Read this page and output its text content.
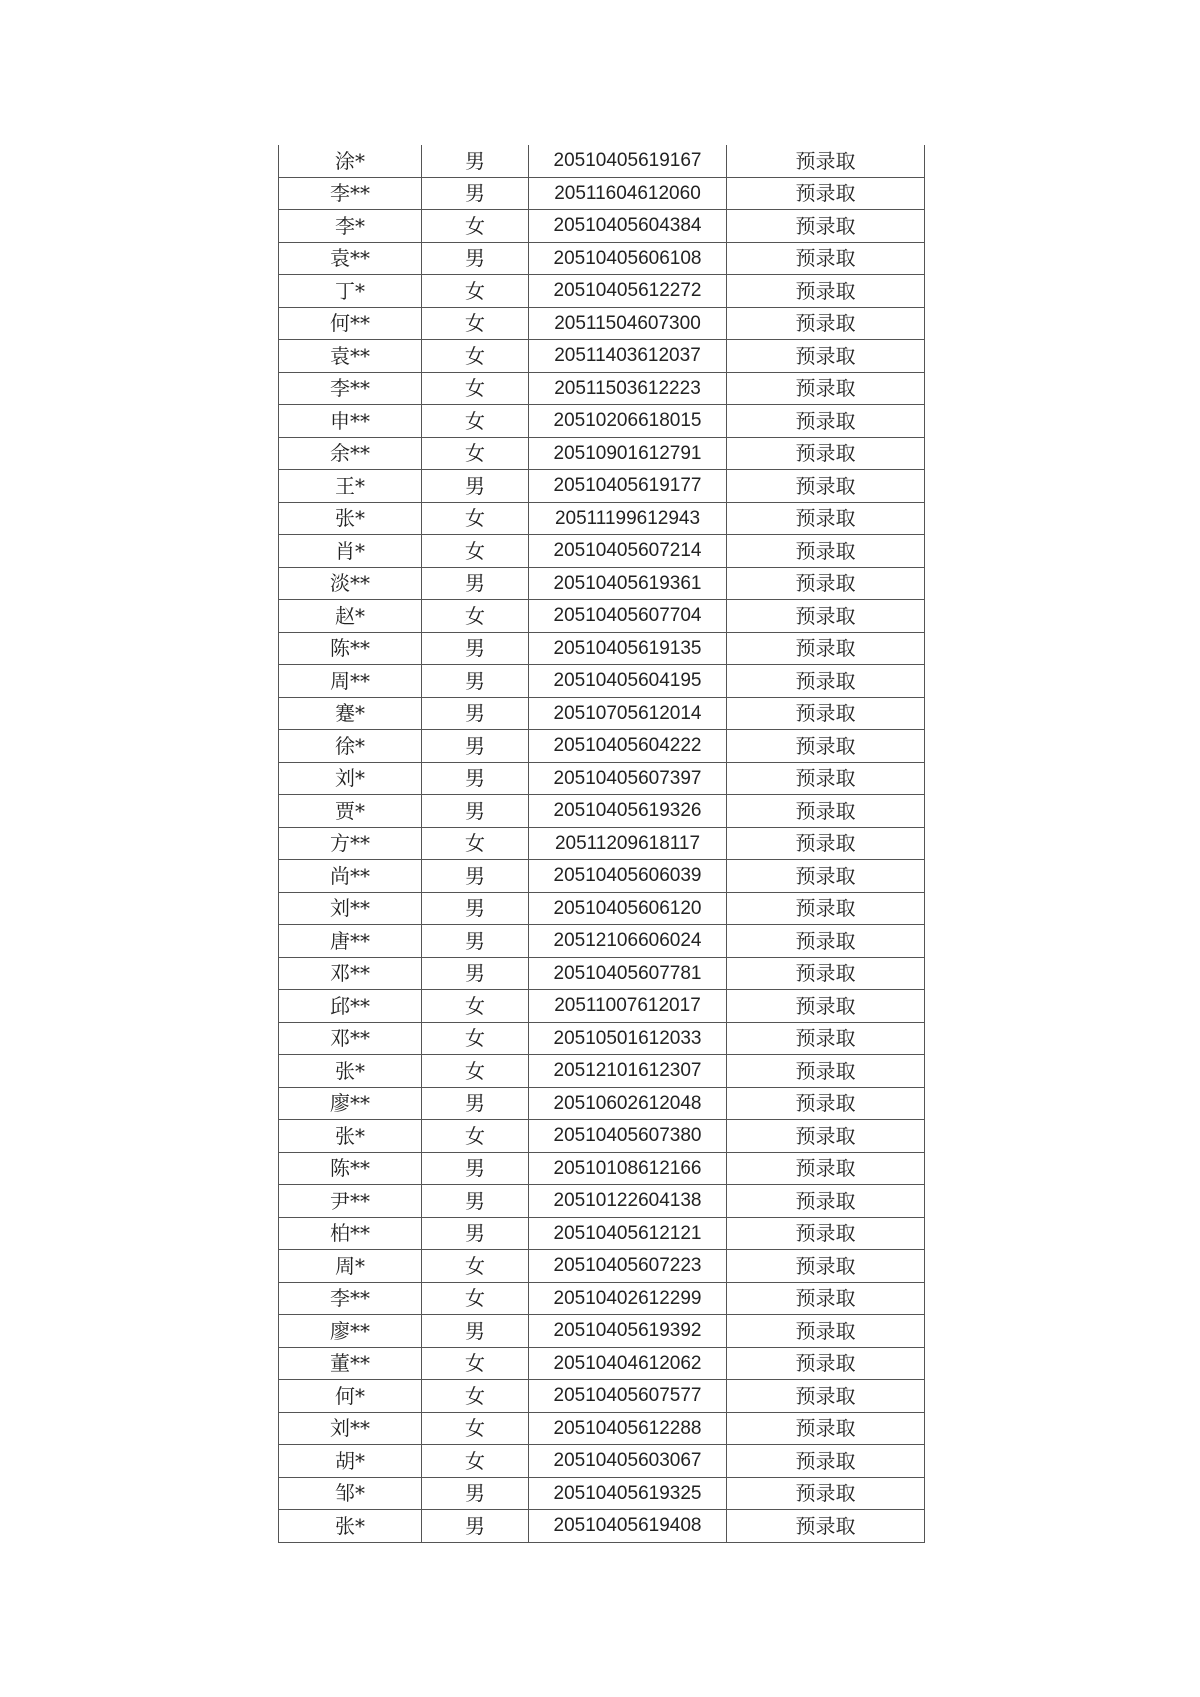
涂*	男	20510405619167	预录取
李**	男	20511604612060	预录取
李*	女	20510405604384	预录取
袁**	男	20510405606108	预录取
丁*	女	20510405612272	预录取
何**	女	20511504607300	预录取
袁**	女	20511403612037	预录取
李**	女	20511503612223	预录取
申**	女	20510206618015	预录取
余**	女	20510901612791	预录取
王*	男	20510405619177	预录取
张*	女	20511199612943	预录取
肖*	女	20510405607214	预录取
淡**	男	20510405619361	预录取
赵*	女	20510405607704	预录取
陈**	男	20510405619135	预录取
周**	男	20510405604195	预录取
蹇*	男	20510705612014	预录取
徐*	男	20510405604222	预录取
刘*	男	20510405607397	预录取
贾*	男	20510405619326	预录取
方**	女	20511209618117	预录取
尚**	男	20510405606039	预录取
刘**	男	20510405606120	预录取
唐**	男	20512106606024	预录取
邓**	男	20510405607781	预录取
邱**	女	20511007612017	预录取
邓**	女	20510501612033	预录取
张*	女	20512101612307	预录取
廖**	男	20510602612048	预录取
张*	女	20510405607380	预录取
陈**	男	20510108612166	预录取
尹**	男	20510122604138	预录取
柏**	男	20510405612121	预录取
周*	女	20510405607223	预录取
李**	女	20510402612299	预录取
廖**	男	20510405619392	预录取
董**	女	20510404612062	预录取
何*	女	20510405607577	预录取
刘**	女	20510405612288	预录取
胡*	女	20510405603067	预录取
邹*	男	20510405619325	预录取
张*	男	20510405619408	预录取
